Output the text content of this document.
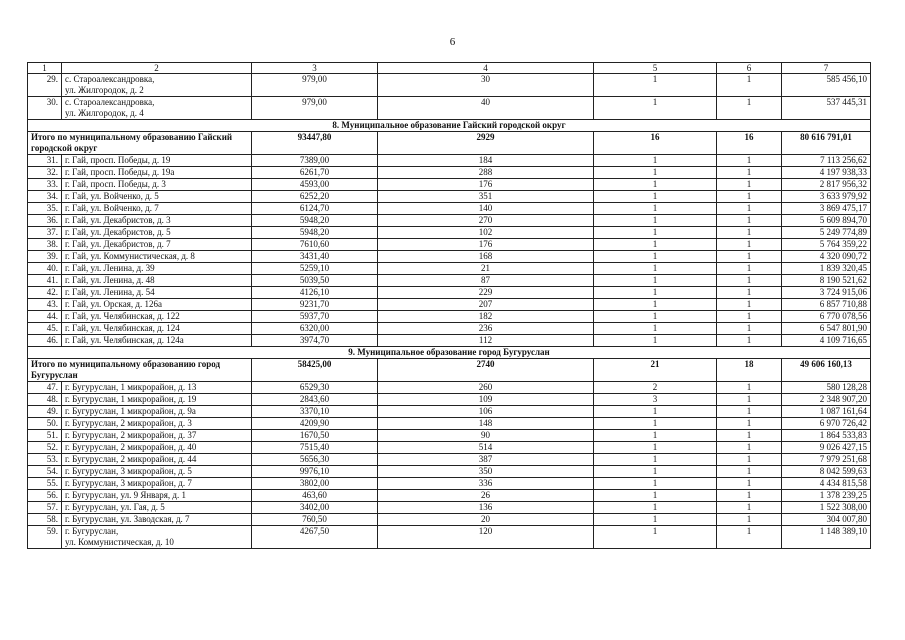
6
1	2	3	4	5	6	7
29.	с. Староалександровка,
ул. Жилгородок, д. 2	979,00	30	1	1	585 456,10
30.	с. Староалександровка,
ул. Жилгородок, д. 4	979,00	40	1	1	537 445,31
8. Муниципальное образование Гайский городской округ						
Итого по муниципальному образованию Гайский городской округ		93447,80	2929	16	16	80 616 791,01
31.	г. Гай, просп. Победы, д. 19	7389,00	184	1	1	7 113 256,62
32.	г. Гай, просп. Победы, д. 19а	6261,70	288	1	1	4 197 938,33
33.	г. Гай, просп. Победы, д. 3	4593,00	176	1	1	2 817 956,32
34.	г. Гай, ул. Войченко, д. 5	6252,20	351	1	1	3 633 979,92
35.	г. Гай, ул. Войченко, д. 7	6124,70	140	1	1	3 869 475,17
36.	г. Гай, ул. Декабристов, д. 3	5948,20	270	1	1	5 609 894,70
37.	г. Гай, ул. Декабристов, д. 5	5948,20	102	1	1	5 249 774,89
38.	г. Гай, ул. Декабристов, д. 7	7610,60	176	1	1	5 764 359,22
39.	г. Гай, ул. Коммунистическая, д. 8	3431,40	168	1	1	4 320 090,72
40.	г. Гай, ул. Ленина, д. 39	5259,10	21	1	1	1 839 320,45
41.	г. Гай, ул. Ленина, д. 48	5039,50	87	1	1	8 190 521,62
42.	г. Гай, ул. Ленина, д. 54	4126,10	229	1	1	3 724 915,06
43.	г. Гай, ул. Орская, д. 126а	9231,70	207	1	1	6 857 710,88
44.	г. Гай, ул. Челябинская, д. 122	5937,70	182	1	1	6 770 078,56
45.	г. Гай, ул. Челябинская, д. 124	6320,00	236	1	1	6 547 801,90
46.	г. Гай, ул. Челябинская, д. 124а	3974,70	112	1	1	4 109 716,65
9. Муниципальное образование город Бугуруслан						
Итого по муниципальному образованию город Бугуруслан		58425,00	2740	21	18	49 606 160,13
47.	г. Бугуруслан, 1 микрорайон, д. 13	6529,30	260	2	1	580 128,28
48.	г. Бугуруслан, 1 микрорайон, д. 19	2843,60	109	3	1	2 348 907,20
49.	г. Бугуруслан, 1 микрорайон, д. 9а	3370,10	106	1	1	1 087 161,64
50.	г. Бугуруслан, 2 микрорайон, д. 3	4209,90	148	1	1	6 970 726,42
51.	г. Бугуруслан, 2 микрорайон, д. 37	1670,50	90	1	1	1 864 533,83
52.	г. Бугуруслан, 2 микрорайон, д. 40	7515,40	514	1	1	9 026 427,15
53.	г. Бугуруслан, 2 микрорайон, д. 44	5656,30	387	1	1	7 979 251,68
54.	г. Бугуруслан, 3 микрорайон, д. 5	9976,10	350	1	1	8 042 599,63
55.	г. Бугуруслан, 3 микрорайон, д. 7	3802,00	336	1	1	4 434 815,58
56.	г. Бугуруслан, ул. 9 Января, д. 1	463,60	26	1	1	1 378 239,25
57.	г. Бугуруслан, ул. Гая, д. 5	3402,00	136	1	1	1 522 308,00
58.	г. Бугуруслан, ул. Заводская, д. 7	760,50	20	1	1	304 007,80
59.	г. Бугуруслан,
ул. Коммунистическая, д. 10	4267,50	120	1	1	1 148 389,10
